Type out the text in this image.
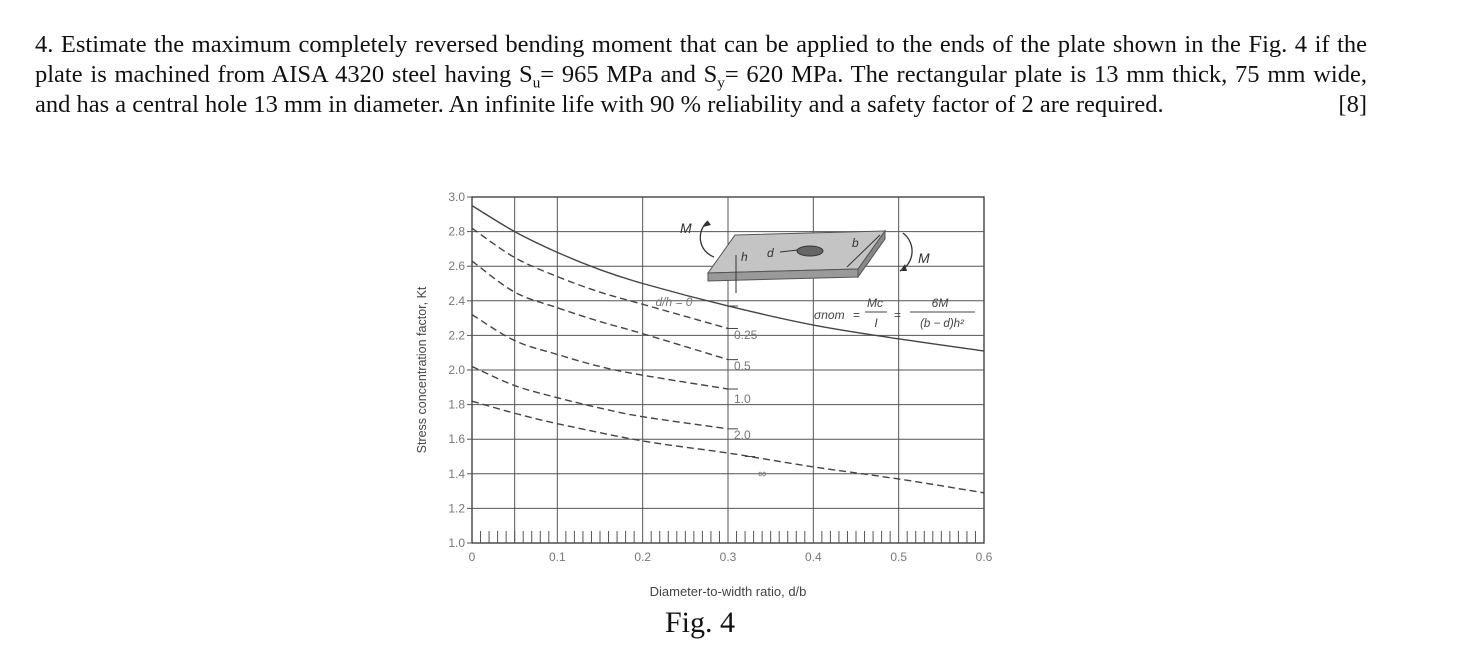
4. Estimate the maximum completely reversed bending moment that can be applied to the ends of the plate shown in the Fig. 4 if the plate is machined from AISA 4320 steel having $S_u= 965$ MPa and $S_y= 620$ MPa. The rectangular plate is 13 mm thick, 75 mm wide, and has a central hole 13 mm in diameter. An infinite life with 90 % reliability and a safety factor of 2 are required.	[8]
1.0
1.2
1.4
1.6
1.8
2.0
2.2
2.4
2.6
2.8
3.0
0	0.1	0.2	0.3	0.4	0.5	0.6
d/h = 0
0.25
0.5
1.0
2.0
∞
Stress concentration factor, Kt
Diameter-to-width ratio, d/b
M
M
h d
b
σnom =
Mc
I
=
6M
(b − d)h²
Fig. 4
